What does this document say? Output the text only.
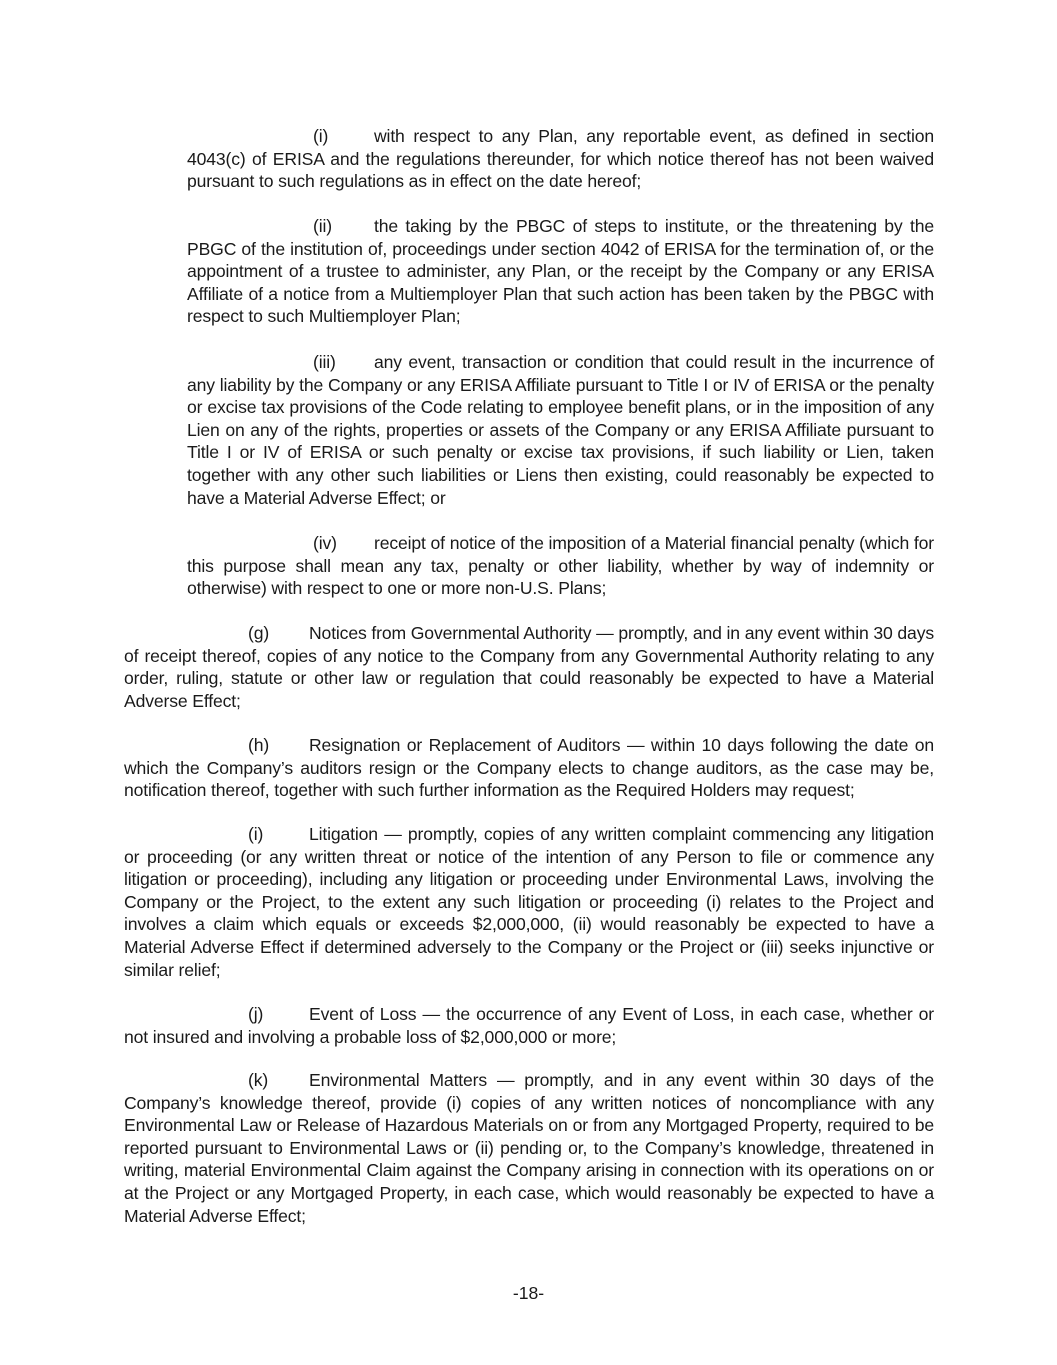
(i)	with respect to any Plan, any reportable event, as defined in section 4043(c) of ERISA and the regulations thereunder, for which notice thereof has not been waived pursuant to such regulations as in effect on the date hereof;

(ii) the taking by the PBGC of steps to institute, or the threatening by the PBGC of the institution of, proceedings under section 4042 of ERISA for the termination of, or the appointment of a trustee to administer, any Plan, or the receipt by the Company or any ERISA Affiliate of a notice from a Multiemployer Plan that such action has been taken by the PBGC with respect to such Multiemployer Plan;

(iii) any event, transaction or condition that could result in the incurrence of any liability by the Company or any ERISA Affiliate pursuant to Title I or IV of ERISA or the penalty or excise tax provisions of the Code relating to employee benefit plans, or in the imposition of any Lien on any of the rights, properties or assets of the Company or any ERISA Affiliate pursuant to Title I or IV of ERISA or such penalty or excise tax provisions, if such liability or Lien, taken together with any other such liabilities or Liens then existing, could reasonably be expected to have a Material Adverse Effect; or

(iv) receipt of notice of the imposition of a Material financial penalty (which for this purpose shall mean any tax, penalty or other liability, whether by way of indemnity or otherwise) with respect to one or more non-U.S. Plans;

(g) Notices from Governmental Authority — promptly, and in any event within 30 days of receipt thereof, copies of any notice to the Company from any Governmental Authority relating to any order, ruling, statute or other law or regulation that could reasonably be expected to have a Material Adverse Effect;

(h) Resignation or Replacement of Auditors — within 10 days following the date on which the Company’s auditors resign or the Company elects to change auditors, as the case may be, notification thereof, together with such further information as the Required Holders may request;

(i)	Litigation — promptly, copies of any written complaint commencing any litigation or proceeding (or any written threat or notice of the intention of any Person to file or commence any litigation or proceeding), including any litigation or proceeding under Environmental Laws, involving the Company or the Project, to the extent any such litigation or proceeding (i) relates to the Project and involves a claim which equals or exceeds $2,000,000, (ii) would reasonably be expected to have a Material Adverse Effect if determined adversely to the Company or the Project or (iii) seeks injunctive or similar relief;

(j)	Event of Loss — the occurrence of any Event of Loss, in each case, whether or not insured and involving a probable loss of $2,000,000 or more;

(k) Environmental Matters — promptly, and in any event within 30 days of the Company’s knowledge thereof, provide (i) copies of any written notices of noncompliance with any Environmental Law or Release of Hazardous Materials on or from any Mortgaged Property, required to be reported pursuant to Environmental Laws or (ii) pending or, to the Company’s knowledge, threatened in writing, material Environmental Claim against the Company arising in connection with its operations on or at the Project or any Mortgaged Property, in each case, which would reasonably be expected to have a Material Adverse Effect;

-18-
